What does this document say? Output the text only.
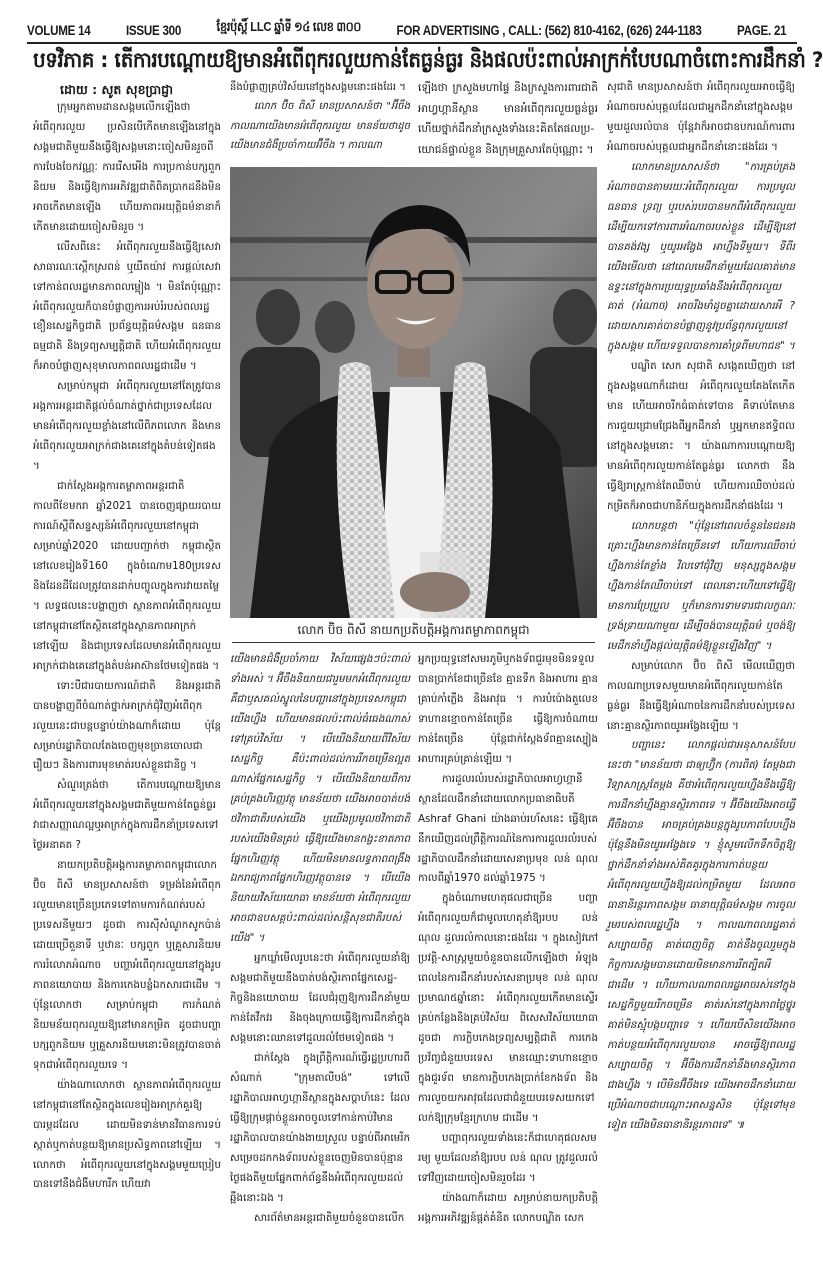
VOLUME 14	ISSUE 300	ខ្មែរប៉ុស្ដិ៍ LLC ឆ្នាំទី ១៤ លេខ ៣០០	FOR ADVERTISING , CALL: (562) 810-4162, (626) 244-1183	PAGE. 21
បទវិភាគ : តើការបណ្ដោយឱ្យមានអំពើពុករលួយកាន់តែធ្ងន់ធ្ងរ និងផលប៉ះពាល់អាក្រក់បែបណាចំពោះការដឹកនាំ ?
ដោយ : សូត សុខប្រាជ្ញា

ក្រុមអ្នកតាមដានសង្គមលើកឡើងថា អំពើពុករលួយ ប្រសិនបើកើតមានឡើងនៅក្នុងសង្គមជាតិមួយនឹងធ្វើឱ្យសង្គមនោះចៀសមិនរួចពីការបែងចែកវណ្ណៈ ការរើសអើង ការប្រកាន់បក្សពួកនិយម និងធ្វើឱ្យការអភិវឌ្ឍជាតិពិតប្រាកដនឹងមិនអាចកើតមានឡើង ហើយភាពអយុត្តិធម៌នានាក៏កើតមានដោយចៀសមិនរួច ។

លើសពីនេះ អំពើពុករលួយនឹងធ្វើឱ្យសេវាសាធារណៈស្ដើកស្រពន់ ឬយឺតយ៉ាវ ការផ្ដល់សេវាទៅកាន់ពលរដ្ឋមានភាពលម្អៀង ។ មិនតែប៉ុណ្ណោះ អំពើពុករលួយក៏បានបំផ្លាញការអប់រំរបស់ពលរដ្ឋ ខឿនសេដ្ឋកិច្ចជាតិ ប្រព័ន្ធយុត្តិធម៌សង្គម ធនធានធម្មជាតិ និងទ្រព្យសម្បត្តិជាតិ ហើយអំពើពុករលួយក៏អាចបំផ្លាញសុខុមាលភាពពលរដ្ឋជាដើម ។

សម្រាប់កម្ពុជា អំពើពុករលួយនៅតែត្រូវបានអង្គការអន្តរជាតិផ្ដល់ចំណាត់ថ្នាក់ជាប្រទេសដែលមានអំពើពុករលួយខ្លាំងនៅលើពិភពលោក និងមានអំពើពុករលួយអាក្រក់ជាងគេនៅក្នុងតំបន់ទៀតផង ។

ជាក់ស្ដែងអង្គការតម្លាភាពអន្តរជាតិ កាលពីខែមករា ឆ្នាំ2021 បានចេញផ្សាយរបាយការណ៍ស្ដីពីសន្ទស្សន៍អំពើពុករលួយនៅកម្ពុជាសម្រាប់ឆ្នាំ2020 ដោយបញ្ជាក់ថា កម្ពុជាស្ថិតនៅលេខរៀងទី160 ក្នុងចំណោម180ប្រទេស និងដែនដីដែលត្រូវបានដាក់បញ្ចូលក្នុងការវាយតម្លៃ ។ លទ្ធផលនេះបង្ហាញថា ស្ថានភាពអំពើពុករលួយនៅកម្ពុជានៅតែស្ថិតនៅក្នុងស្ថានភាពអាក្រក់នៅឡើយ និងជាប្រទេសដែលមានអំពើពុករលួយអាក្រក់ជាងគេនៅក្នុងតំបន់អាស៊ានថែមទៀតផង ។

ទោះបីជារបាយការណ៍ជាតិ និងអន្តរជាតិបានបង្ហាញពីចំណាត់ថ្នាក់អាក្រក់ជុំវិញអំពើពុករលួយនេះជាបន្តបន្ទាប់យ៉ាងណាក៏ដោយ ប៉ុន្តែសម្រាប់រដ្ឋាភិបាលតែងចេញមុខច្រានចោលជារឿយៗ និងការពារមុខមាត់របស់ខ្លួនជានិច្ច ។

សំណួរត្រង់ថា តើការបណ្ដោយឱ្យមានអំពើពុករលួយនៅក្នុងសង្គមជាតិមួយកាន់តែធ្ងន់ធ្ងរ វាជាសញ្ញាណល្អឬអាក្រក់ក្នុងការដឹកនាំប្រទេសទៅថ្ងៃអនាគត ?

នាយកប្រតិបត្តិអង្គការតម្លាភាពកម្ពុជាលោក ប៊ិច ពិសី មានប្រសាសន៍ថា ទម្រង់នៃអំពើពុករលួយមានច្រើនប្រភេទទៅតាមការកំណត់របស់ប្រទេសនីមួយៗ ដូចជា ការស៊ីសំណូកសូកប៉ាន់ ដោយប្រើតួនាទី ឬឋានៈ បក្សពួក ឬគ្រួសារនិយម ការរំលោភអំណាច បញ្ហាអំពើពុករលួយនៅក្នុងរូបភាពនយោបាយ និងការកេងបន្លំឯកសារជាដើម ។ ប៉ុន្តែលោកថា សម្រាប់កម្ពុជា ការកំណត់និយមន័យពុករលួយឱ្យនៅមានកម្រិត ដូចជាបញ្ហាបក្សពួកនិយម ឬគ្រួសារនិយមនោះមិនត្រូវបានចាត់ទុកជាអំពើពុករលួយទេ ។

យ៉ាងណាលោកថា ស្ថានភាពអំពើពុករលួយនៅកម្ពុជានៅតែស្ថិតក្នុងលេខរៀងអាក្រក់គួរឱ្យបារម្ភដដែល ដោយមិនទាន់មានវិធានការទប់ស្កាត់ឬកាត់បន្ថយឱ្យមានប្រសិទ្ធភាពនៅឡើយ ។ លោកថា អំពើពុករលួយនៅក្នុងសង្គមមួយប្រៀបបានទៅនឹងជំងឺមហារីក ហើយវា

នឹងបំផ្លាញគ្រប់វិស័យនៅក្នុងសង្គមនោះផងដែរ ។

លោក ប៊ិច ពិសី មានប្រសាសន៍ថា "អ៊ីចឹងកាលណាយើងមានអំពើពុករលួយ មានន័យថាដូចយើងមានជំងឺប្រចាំកាយអ៊ីចឹង ។ កាលណា

ឡើងថា ក្រសួងមហាផ្ទៃ និងក្រសួងការពារជាតិអាហ្វហ្គានីស្ថាន មានអំពើពុករលួយធ្ងន់ធ្ងរ ហើយថ្នាក់ដឹកនាំក្រសួងទាំងនេះគិតតែផលប្រ-យោជន៍ផ្ទាល់ខ្លួន និងក្រុមគ្រួសារតែប៉ុណ្ណោះ ។

លោក ប៊ិច ពិសី នាយកប្រតិបត្តិអង្គការតម្លាភាពកម្ពុជា

យើងមានជំងឺប្រចាំកាយ វិស័យផ្សេងៗប៉ះពាល់ទាំងអស់ ។ អ៊ីចឹងនិយាយជារួមមកអំពើពុករលួយ គឺជាឫសគល់ស្នូលនៃបញ្ហានៅក្នុងប្រទេសកម្ពុជាយើងហ្នឹង ហើយមានផលប៉ះពាល់ធំធេងណាស់ទៅគ្រប់វិស័យ ។ បើយើងនិយាយពីវិស័យសេដ្ឋកិច្ច គឺប៉ះពាល់ដល់ការរីកចម្រើនល្អតណាស់ផ្នែកសេដ្ឋកិច្ច ។ បើយើងនិយាយពីការគ្រប់គ្រងហិរញ្ញវត្ថុ មានន័យថា យើងអាចបាត់បង់ថវិកាជាតិរបស់យើង ឬយើងប្រមូលថវិកាជាតិរបស់យើងមិនគ្រប់ ធ្វើឱ្យយើងមានកង្វះខាតភាពផ្នែកហិរញ្ញវត្ថុ ហើយមិនមានលទ្ធភាពពង្រឹងឯករាជ្យភាពផ្នែកហិរញ្ញវត្ថុបានទេ ។ បើយើងនិយាយវិស័យយោធា មានន័យថា អំពើពុករលួយអាចជាឧបសគ្គប៉ះពាល់ដល់សន្តិសុខជាតិរបស់យើង" ។

អ្នកឃ្លាំមើលរូបនេះថា អំពើពុករលួយនាំឱ្យសង្គមជាតិមួយនឹងបាត់បង់ស្ថិរភាពផ្នែកសេដ្ឋ-កិច្ចនិងនយោបាយ ដែលជំរុញឱ្យការដឹកនាំមួយកាន់តែវឹកវរ និងចុងក្រោយធ្វើឱ្យការដឹកនាំក្នុងសង្គមនោះឈានទៅដួលរលំថែមទៀតផង ។

ជាក់ស្ដែង ក្នុងព្រឹត្តិការណ៍ធ្វើរដ្ឋប្រហារពីសំណាក់ "ក្រុមតាលីបង់" ទៅលើរដ្ឋាភិបាលអាហ្វហ្គានីស្ថានក្នុងសប្ដាហ៍នេះ ដែលធ្វើឱ្យក្រុមផ្ដាច់ខ្លួនអាចចូលទៅកាន់កាប់វិមានរដ្ឋាភិបាលបានយ៉ាងងាយស្រួល បន្ទាប់ពីអាមេរិកសម្រេចដកកងទ័ពរបស់ខ្លួនចេញមិនបានប៉ុន្មានថ្ងៃផងតីមួយផ្នែកពាក់ព័ន្ធនឹងអំពើពុករលួយដល់ឆ្អឹងនោះឯង ។

សារព័ត៌មានអន្តរជាតិមួយចំនួនបានលើក

អ្នកប្រយុទ្ធនៅសមរភូមិឬកងទ័ពជួរមុខមិនទទួលបានប្រាក់ខែជាច្រើនខែ គ្មានទឹក និងអាហារ គ្មានគ្រាប់កាំភ្លើង និងអាវុធ ។ ការបំប៉ោងតួលេខទាហានខ្មោចកាន់តែច្រើន ធ្វើឱ្យការចំណាយកាន់តែច្រើន ប៉ុន្តែជាក់ស្ដែងទ័ពគ្មានស្បៀងអាហារគ្រប់គ្រាន់ឡើយ ។

ការដួលរលំរបស់រដ្ឋាភិបាលអាហ្វហ្គានីស្ថានដែលដឹកនាំដោយលោកប្រធានាធិបតី Ashraf Ghani យ៉ាងឆាប់រហ័សនេះ ធ្វើឱ្យគេនឹកឃើញដល់ព្រឹត្តិការណ៍នៃការការដួលរលំរបស់រដ្ឋាភិបាលដឹកនាំដោយសេនាប្រមុខ លន់ ណុល កាលពីឆ្នាំ1970 ដល់ឆ្នាំ1975 ។

ក្នុងចំណោមហេតុផលជាច្រើន បញ្ហាអំពើពុករលួយក៏ជាមូលហេតុនាំឱ្យរបប លន់ ណុល ដួលរលំកាលនោះផងដែរ ។ ក្នុងសៀវភៅប្រវត្តិ-សាស្ត្រមួយចំនួនបានលើកឡើងថា អំឡុងពេលនៃការដឹកនាំរបស់សេនាប្រមុខ លន់ ណុល ប្រមាណ៥ឆ្នាំនោះ អំពើពុករលួយកើតមានស្ទើរគ្រប់កន្លែងនិងគ្រប់វិស័យ ពិសេសវិស័យយោធា ដូចជា ការក្លិបកេងទ្រព្យសម្បត្តិជាតិ ការកេងប្រវ័ញ្ចជំនួយបរទេស មានឈ្មោះទាហានខ្មោចក្នុងជួរទ័ព មានការក្លិបកេងប្រាក់ខែកងទ័ព និងការលួចយកអាវុធដែលជាជំនួយបរទេសយកទៅលក់ឱ្យក្រុមខ្មែរក្រហម ជាដើម ។

បញ្ហាពុករលួយទាំងនេះក៏ជាហេតុផលសមរម្យ មួយដែលនាំឱ្យរបប លន់ ណុល ត្រូវដួលរលំទៅវិញដោយចៀសមិនរួចដែរ ។

យ៉ាងណាក៏ដោយ សម្រាប់នាយកប្រតិបត្តិអង្គការអភិវឌ្ឍន៍ផ្ដត់គំនិត លោកបណ្ឌិត សេក

សុជាតិ មានប្រសាសន៍ថា អំពើពុករលួយអាចធ្វើឱ្យអំណាចរបស់បុគ្គលដែលជាអ្នកដឹកនាំនៅក្នុងសង្គមមួយដួលរលំបាន ប៉ុន្តែវាក៏អាចជាឧបករណ៍ការពារអំណាចរបស់បុគ្គលជាអ្នកដឹកនាំនោះផងដែរ ។

លោកមានប្រសាសន៍ថា "ការគ្រប់គ្រងអំណាចបានតាមរយៈអំពើពុករលួយ ការប្រមូលធនធាន ទ្រព្យ ឬរបស់របរបានមកពីអំពើពុករលួយ ដើម្បីយកទៅការពារអំណាចរបស់ខ្លួន ដើម្បីឱ្យនៅបានគង់វង្ស ឬយូរអង្វែង អាហ្នឹងទីមួយ។ ទីពីរ យើងមើលថា នៅពេលមេដឹកនាំមួយដែលគាត់មានឧទ្ទះនៅក្នុងការប្រយុទ្ធប្រឆាំងនឹងអំពើពុករលួយ គាត់ (អំណាច) អាចរឹងមាំដូចគ្នាដោយសារអី ? ដោយសារគាត់បានបំផ្លាញនូវប្រព័ន្ធពុករលួយនៅក្នុងសង្គម ហើយទទួលបានការគាំទ្រពីមហាជន" ។

បណ្ឌិត សេក សុជាតិ សង្កេតឃើញថា នៅក្នុងសង្គមណាក៏ដោយ អំពើពុករលួយតែងតែកើតមាន ហើយអាចរីកធំធាត់ទៅបាន គឺទាល់តែមានការជួយជ្រោមជ្រែងពីអ្នកដឹកនាំ ឬអ្នកមានឥទ្ធិពលនៅក្នុងសង្គមនោះ ។ យ៉ាងណាការបណ្ដោយឱ្យមានអំពើពុករលួយកាន់តែធ្ងន់ធ្ងរ លោកថា នឹងធ្វើឱ្យរាស្ត្រកាន់តែឈឺចាប់ ហើយការឈឺចាប់ដល់កម្រិតក៏អាចជាហានិភ័យក្នុងការដឹកនាំផងដែរ ។

លោកបន្តថា "ប៉ុន្តែនៅពេលចំនួននៃជនរងគ្រោះហ្នឹងមានកាន់តែច្រើនទៅ ហើយការឈឺចាប់ហ្នឹងកាន់តែខ្លាំង វិលទៅជុំវិញ មនុស្សក្នុងសង្គមហ្នឹងកាន់តែឈឺចាប់ទៅ ពេលនោះហើយទៅធ្វើឱ្យមានការប្រែប្រួល ឬក៏មានការទាមទារជាលក្ខណៈទ្រង់ទ្រាយណាមួយ ដើម្បីចង់បានយុត្តិធម៌ ឬចង់ឱ្យមេដឹកនាំហ្នឹងផ្ដល់យុត្តិធម៌ឱ្យខ្លួនឡើងវិញ" ។

សម្រាប់លោក ប៊ិច ពិសី មើលឃើញថា កាលណាប្រទេសមួយមានអំពើពុករលួយកាន់តែធ្ងន់ធ្ងរ នឹងធ្វើឱ្យអំណាចនៃការដឹកនាំរបស់ប្រទេសនោះគ្មានស្ថិរភាពយូរអង្វែងឡើយ ។

បញ្ហានេះ លោកផ្ដល់ជាអនុសាសន៍បែបនេះថា "មានន័យថា ជាឲ្យហ្វ៊ិក (ការពិត) តែម្ដងជាវិទ្យាសាស្ត្រតែម្ដង គឺថាអំពើពុករលួយហ្នឹងនឹងធ្វើឱ្យការដឹកនាំហ្នឹងគ្មានស្ថិរភាពទេ ។ អ៊ីចឹងយើងអាចធ្វើអ៊ីចឹងបាន អាចគ្រប់គ្រងបន្តក្នុងរូបភាពបែបហ្នឹង ប៉ុន្តែនឹងមិនយូរអង្វែងទេ ។ ខ្ញុំសូមលើកទឹកចិត្តឱ្យថ្នាក់ដឹកនាំទាំងអស់គិតគូរក្នុងការកាត់បន្ថយអំពើពុករលួយហ្នឹងឱ្យដល់កម្រិតមួយ ដែលអាចធានានិរន្តរភាពសង្គម ធានាយុត្តិធម៌សង្គម ការចូលរួមរបស់ពលរដ្ឋហ្នឹង ។ កាលណាពលរដ្ឋគាត់សប្បាយចិត្ត គាត់ពេញចិត្ត គាត់នឹងចូលរួមក្នុងកិច្ចការសង្គមបានដោយមិនមានការរីតត្បិតអីជាដើម ។ ហើយកាលណាពលរដ្ឋអាចរស់នៅក្នុងសេដ្ឋកិច្ចមួយរីកចម្រើន គាត់រស់នៅក្នុងភាពថ្លៃថ្នូរ គាត់មិនស្មុំបង្កបញ្ហាទេ ។ ហើយបើសិនយើងអាចកាត់បន្ថយអំពើពុករលួយបាន អាចធ្វើឱ្យពលរដ្ឋសប្បាយចិត្ត ។ អ៊ីចឹងការដឹកនាំនឹងមានស្ថិរភាពជាងហ្នឹង ។ បើមិនអ៊ីចឹងទេ យើងអាចដឹកនាំដោយប្រើអំណាចជាបណ្ដោះអាសន្នសិន ប៉ុន្តែទៅមុខទៀត យើងមិនធានានិរន្តរភាពទេ" ៕
